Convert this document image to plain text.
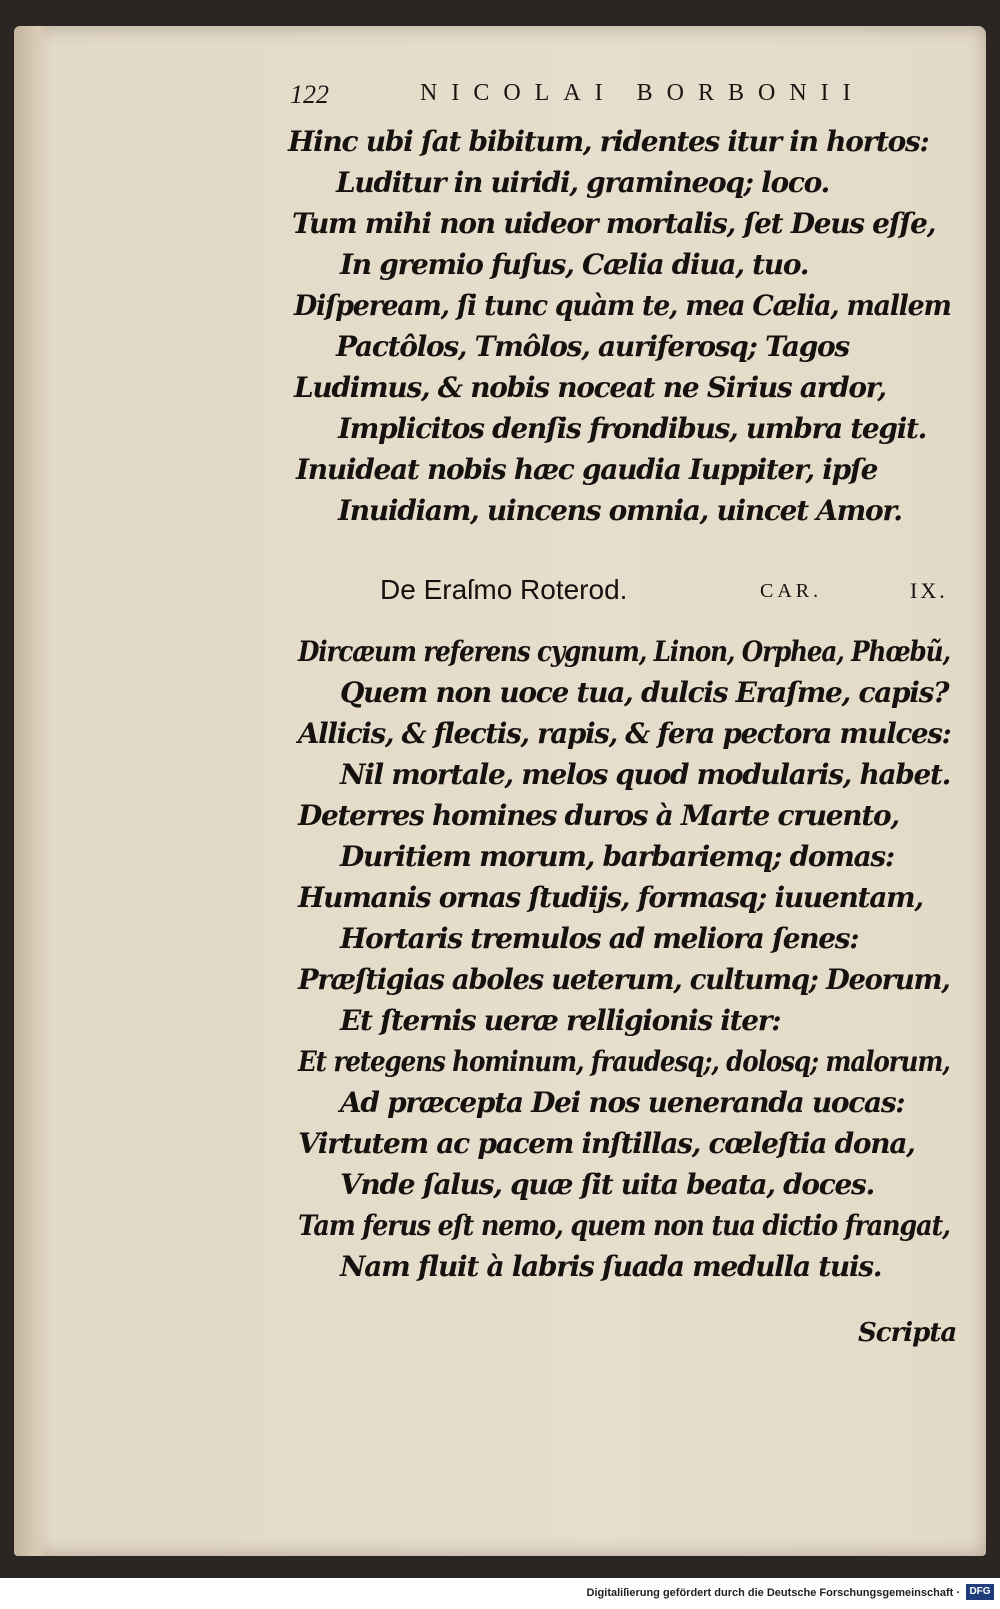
122	NICOLAI BORBONII
Hinc ubi ſat bibitum, ridentes itur in hortos:
Luditur in uiridi, gramineoq; loco.
Tum mihi non uideor mortalis, ſet Deus eſſe,
In gremio fuſus, Cælia diua, tuo.
Diſpeream, ſi tunc quàm te, mea Cælia, mallem
Pactôlos, Tmôlos, auriferosq; Tagos
Ludimus, & nobis noceat ne Sirius ardor,
Implicitos denſis frondibus, umbra tegit.
Inuideat nobis hæc gaudia Iuppiter, ipſe
Inuidiam, uincens omnia, uincet Amor.
De Eraſmo Roterod.	CAR.	IX.
Dircæum referens cygnum, Linon, Orphea, Phœbũ,
Quem non uoce tua, dulcis Eraſme, capis?
Allicis, & flectis, rapis, & fera pectora mulces:
Nil mortale, melos quod modularis, habet.
Deterres homines duros à Marte cruento,
Duritiem morum, barbariemq; domas:
Humanis ornas ſtudijs, formasq; iuuentam,
Hortaris tremulos ad meliora ſenes:
Præſtigias aboles ueterum, cultumq; Deorum,
Et ſternis ueræ relligionis iter:
Et retegens hominum, fraudesq;, dolosq; malorum,
Ad præcepta Dei nos ueneranda uocas:
Virtutem ac pacem inſtillas, cœleſtia dona,
Vnde ſalus, quæ ſit uita beata, doces.
Tam ferus eſt nemo, quem non tua dictio frangat,
Nam fluit à labris ſuada medulla tuis.
Scripta
Digitaliſierung gefördert durch die Deutsche Forschungsgemeinschaft · DFG
